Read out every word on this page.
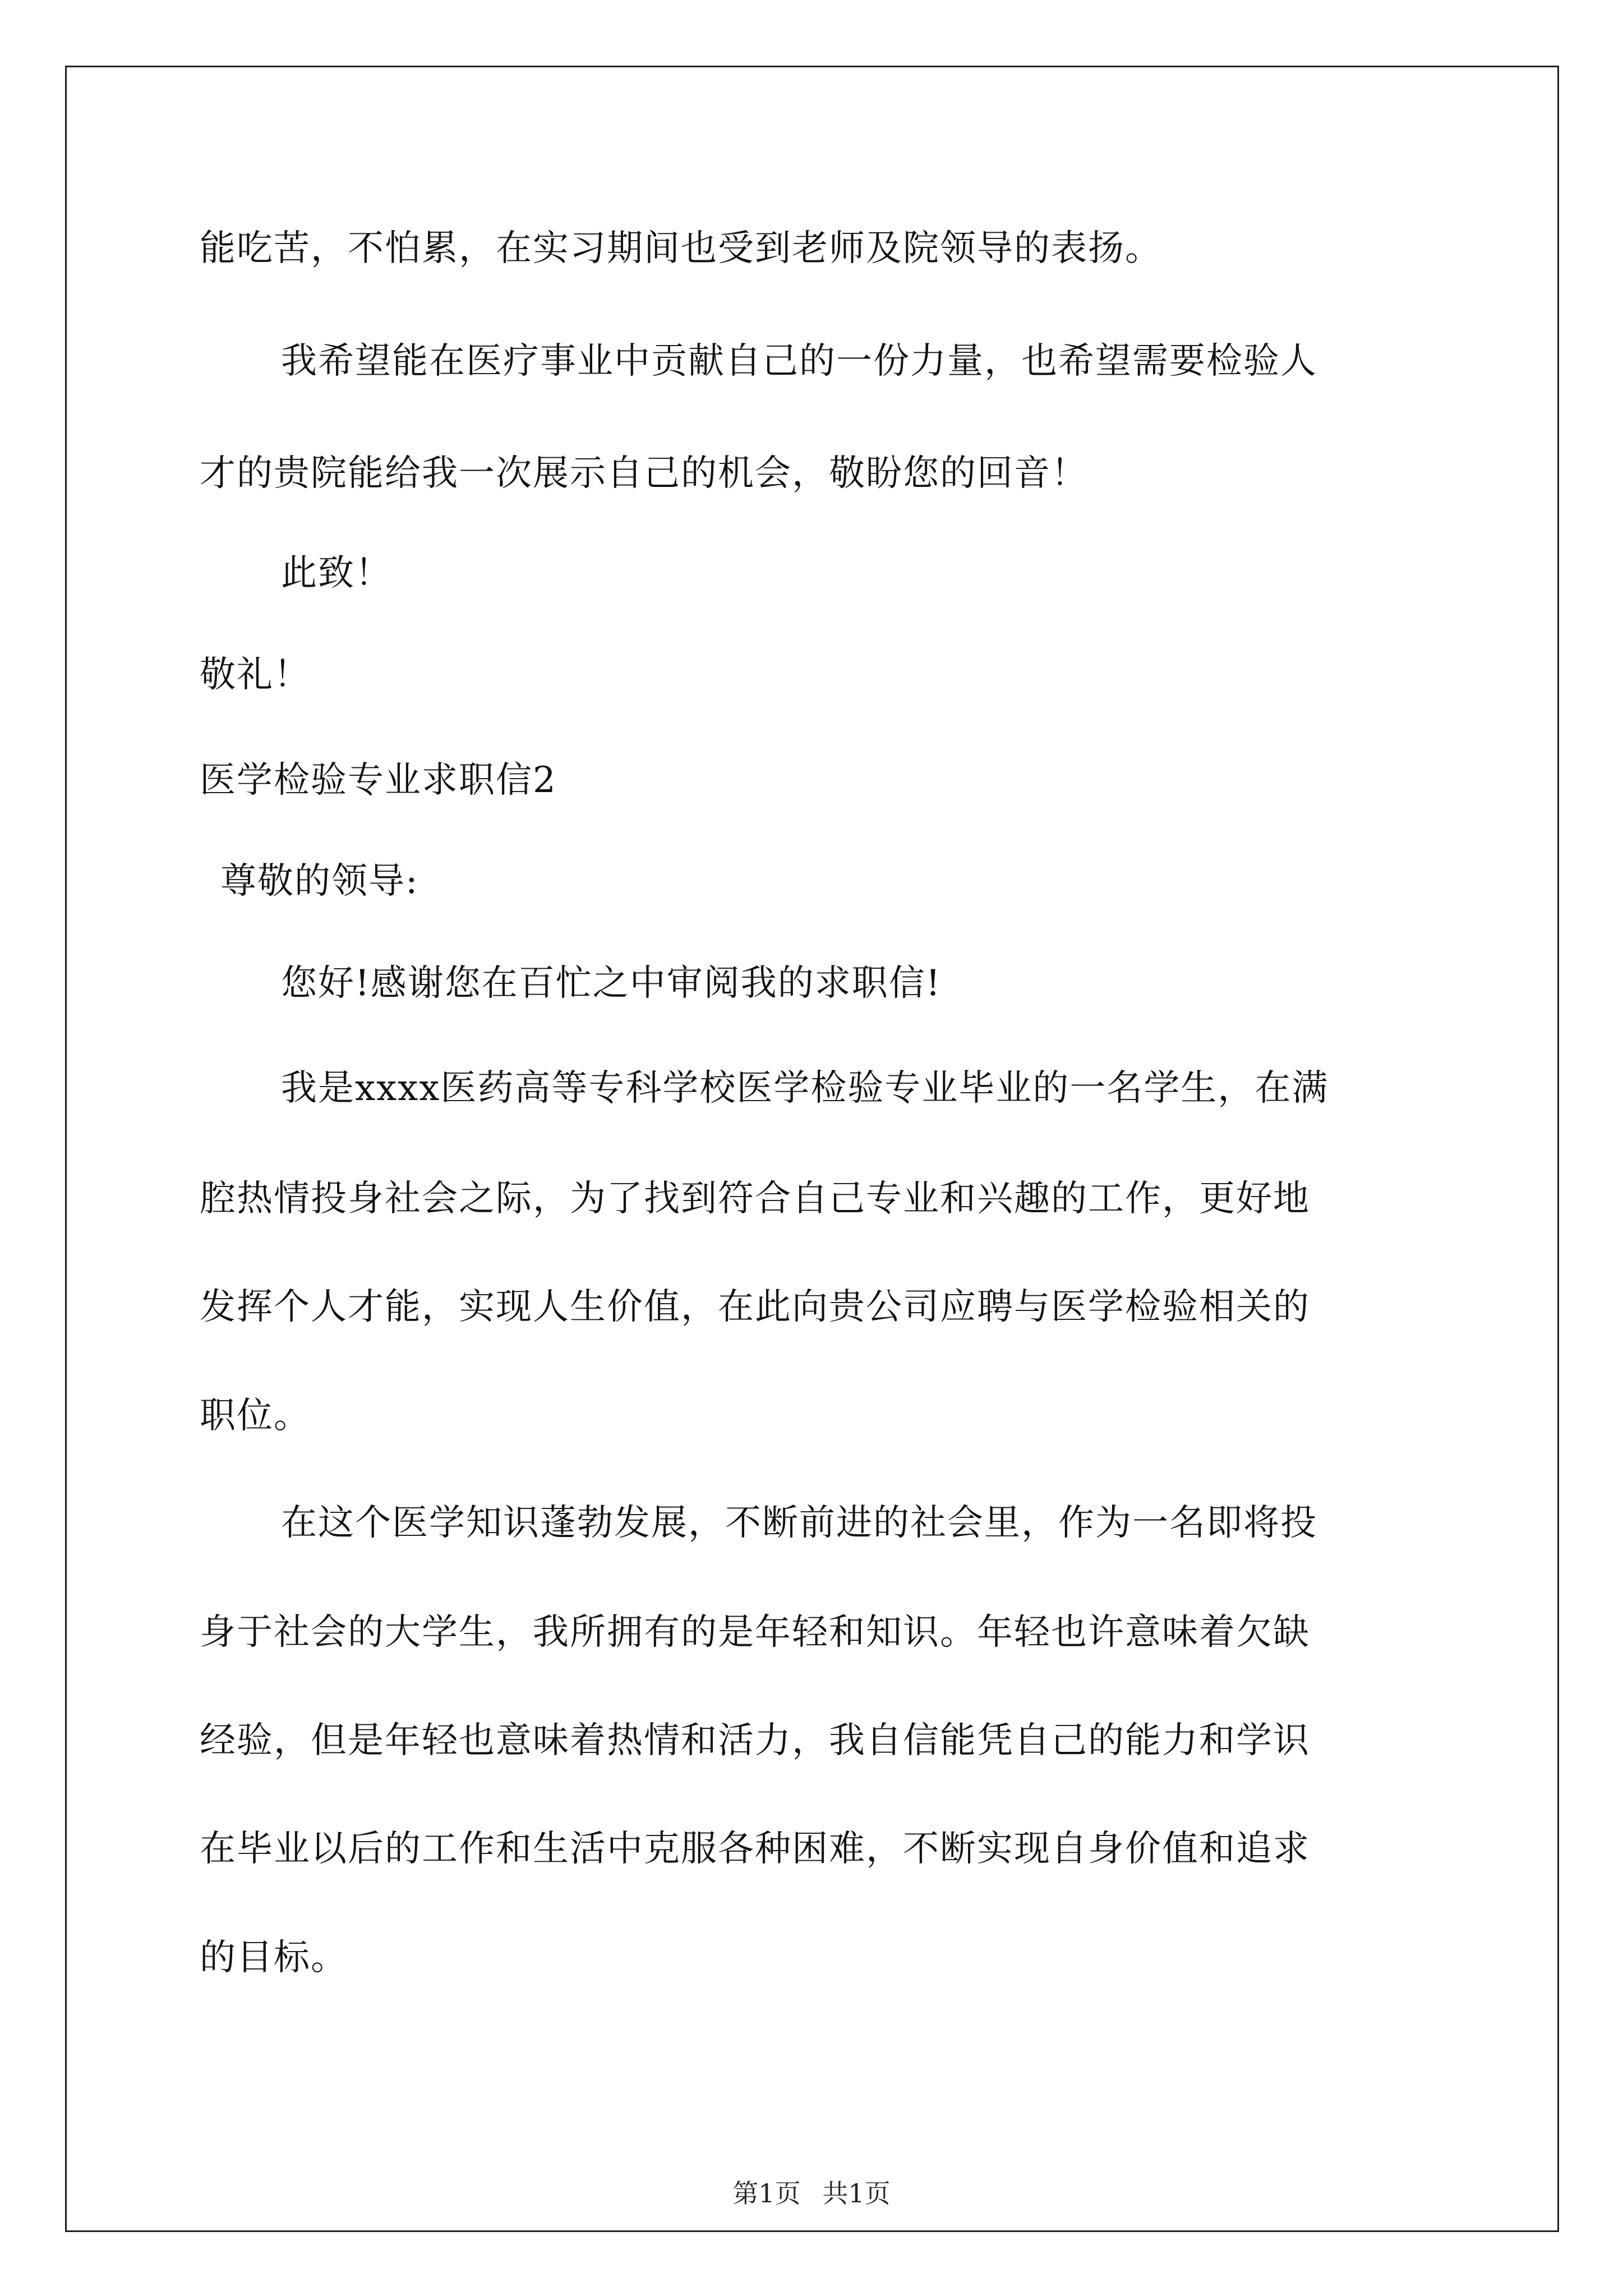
能吃苦，不怕累，在实习期间也受到老师及院领导的表扬。
我希望能在医疗事业中贡献自己的一份力量，也希望需要检验人
才的贵院能给我一次展示自己的机会，敬盼您的回音！
此致！
敬礼！
医学检验专业求职信2
尊敬的领导:
您好!感谢您在百忙之中审阅我的求职信!
我是xxxx医药高等专科学校医学检验专业毕业的一名学生，在满
腔热情投身社会之际，为了找到符合自己专业和兴趣的工作，更好地
发挥个人才能，实现人生价值，在此向贵公司应聘与医学检验相关的
职位。
在这个医学知识蓬勃发展，不断前进的社会里，作为一名即将投
身于社会的大学生，我所拥有的是年轻和知识。年轻也许意味着欠缺
经验，但是年轻也意味着热情和活力，我自信能凭自己的能力和学识
在毕业以后的工作和生活中克服各种困难，不断实现自身价值和追求
的目标。
第1页 共1页
